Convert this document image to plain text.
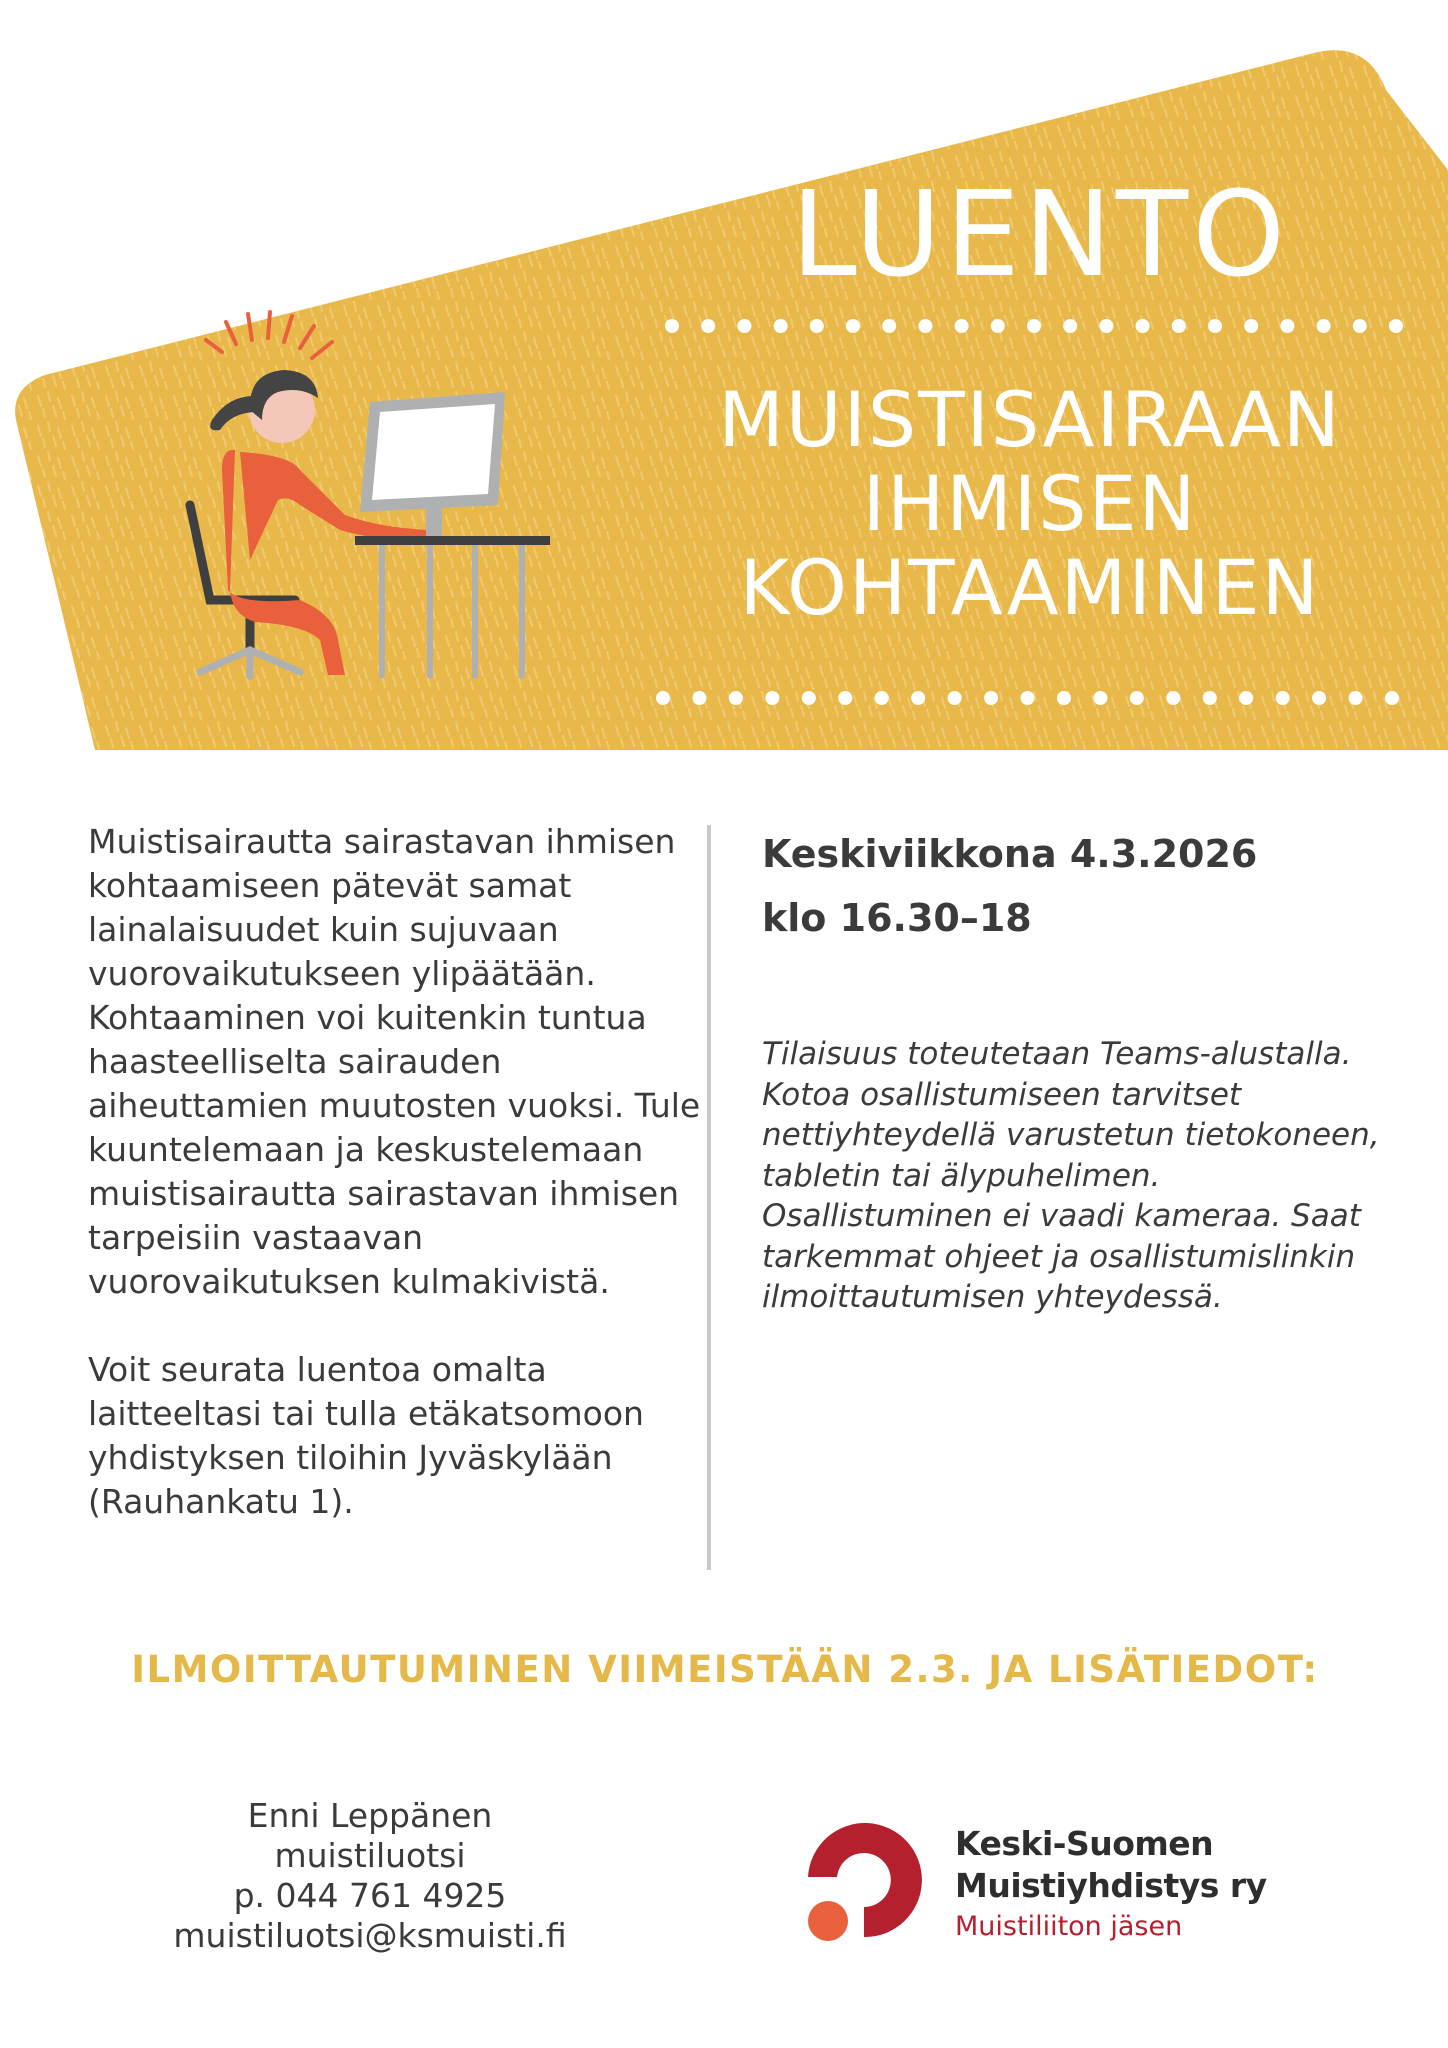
LUENTO
MUISTISAIRAAN
IHMISEN
KOHTAAMINEN

Muistisairautta sairastavan ihmisen kohtaamiseen pätevät samat lainalaisuudet kuin sujuvaan vuorovaikutukseen ylipäätään. Kohtaaminen voi kuitenkin tuntua haasteelliselta sairauden aiheuttamien muutosten vuoksi. Tule kuuntelemaan ja keskustelemaan muistisairautta sairastavan ihmisen tarpeisiin vastaavan vuorovaikutuksen kulmakivistä.

Voit seurata luentoa omalta laitteeltasi tai tulla etäkatsomoon yhdistyksen tiloihin Jyväskylään (Rauhankatu 1).

Keskiviikkona 4.3.2026
klo 16.30–18

Tilaisuus toteutetaan Teams-alustalla. Kotoa osallistumiseen tarvitset nettiyhteydellä varustetun tietokoneen, tabletin tai älypuhelimen. Osallistuminen ei vaadi kameraa. Saat tarkemmat ohjeet ja osallistumislinkin ilmoittautumisen yhteydessä.

ILMOITTAUTUMINEN VIIMEISTÄÄN 2.3. JA LISÄTIEDOT:
Enni Leppänen
muistiluotsi
p. 044 761 4925
muistiluotsi@ksmuisti.fi
Keski-Suomen
Muistiyhdistys ry
Muistiliiton jäsen
